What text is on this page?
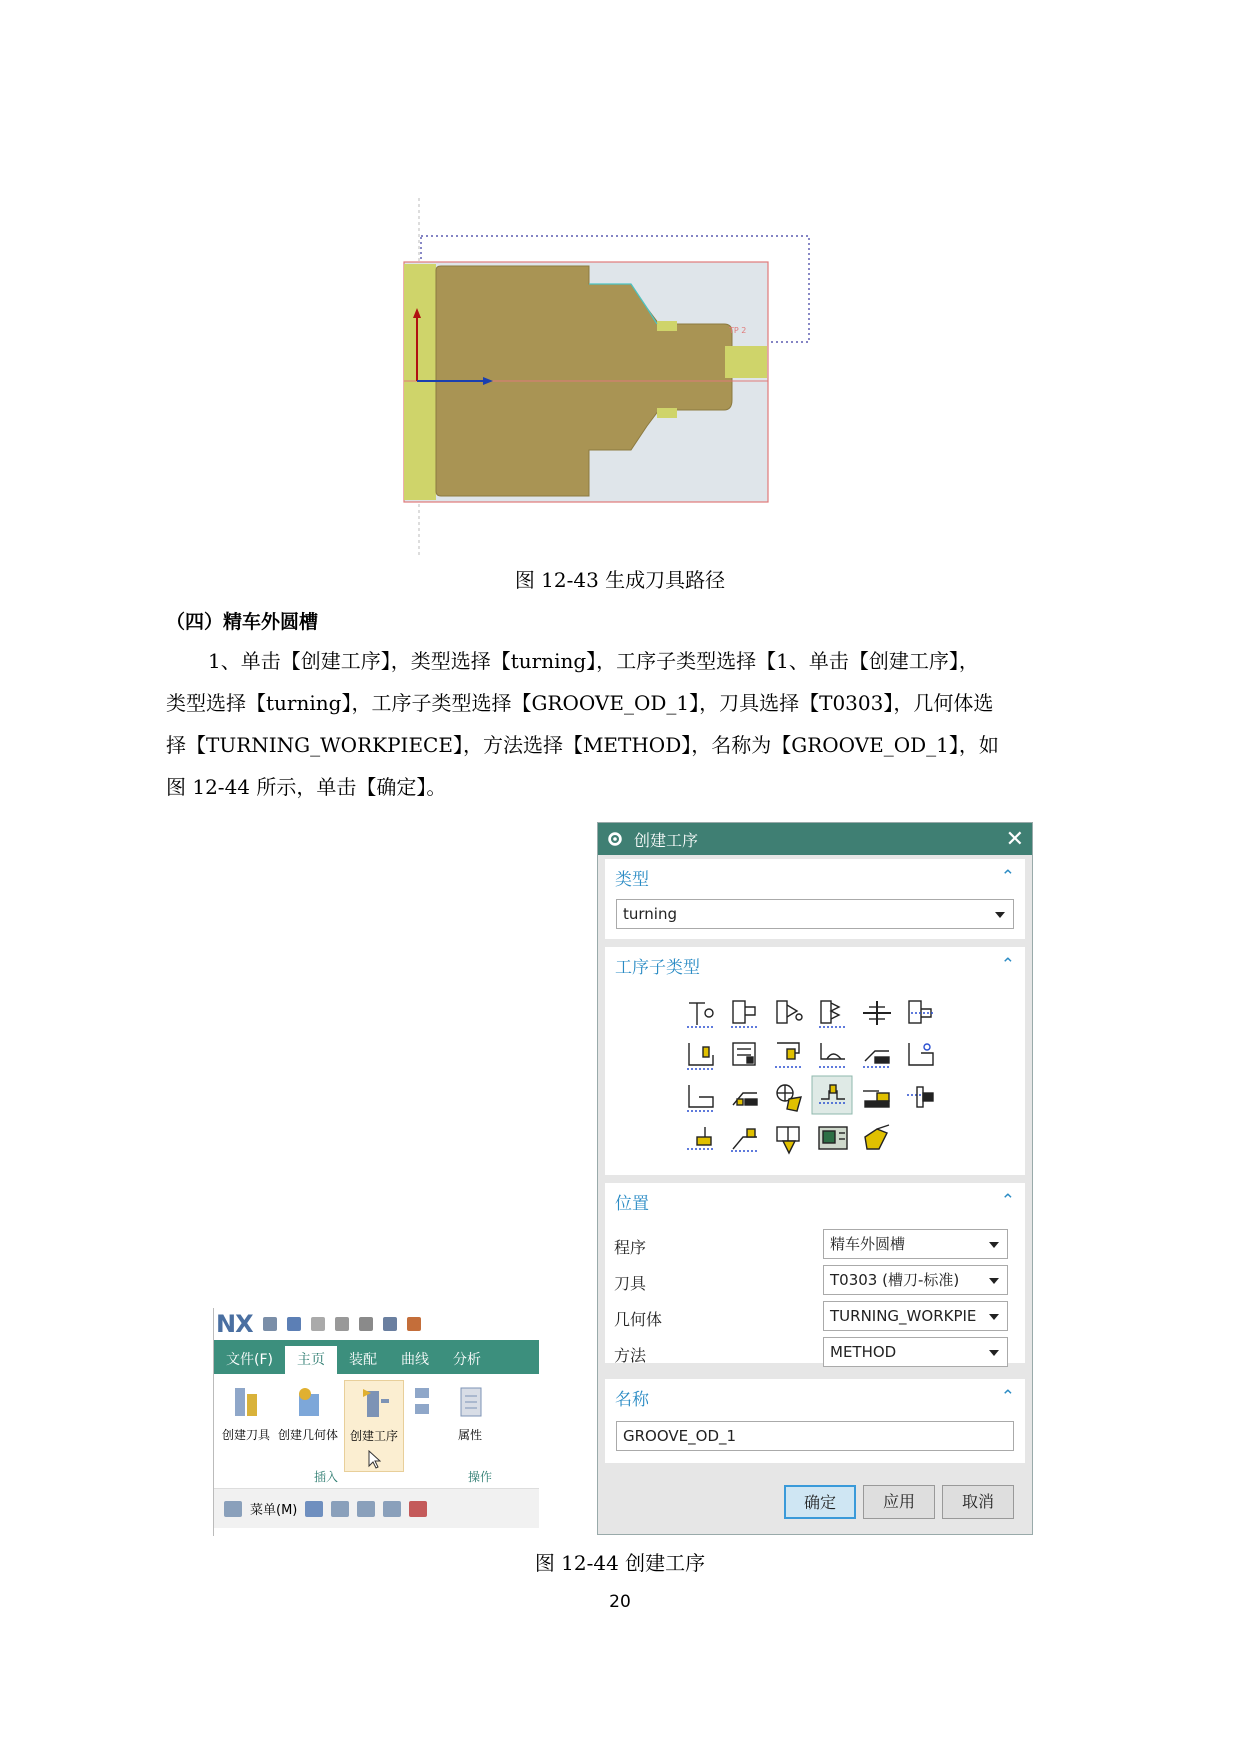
TP 2
图 12-43 生成刀具路径
（四）精车外圆槽
1、单击【创建工序】，类型选择【turning】，工序子类型选择【1、单击【创建工序】，
类型选择【turning】，工序子类型选择【GROOVE_OD_1】，刀具选择【T0303】，几何体选
择【TURNING_WORKPIECE】，方法选择【METHOD】，名称为【GROOVE_OD_1】，如
图 12-44 所示，单击【确定】。
NX
文件(F)	主页	装配	曲线	分析
创建刀具 创建几何体 创建工序	属性
插入	操作
菜单(M)
创建工序	✕
类型	⌃
turning
工序子类型	⌃
位置	⌃
程序	精车外圆槽
刀具	T0303 (槽刀-标准)
几何体	TURNING_WORKPIE
方法	METHOD
名称	⌃
GROOVE_OD_1
确定	应用	取消
图 12-44 创建工序
20
